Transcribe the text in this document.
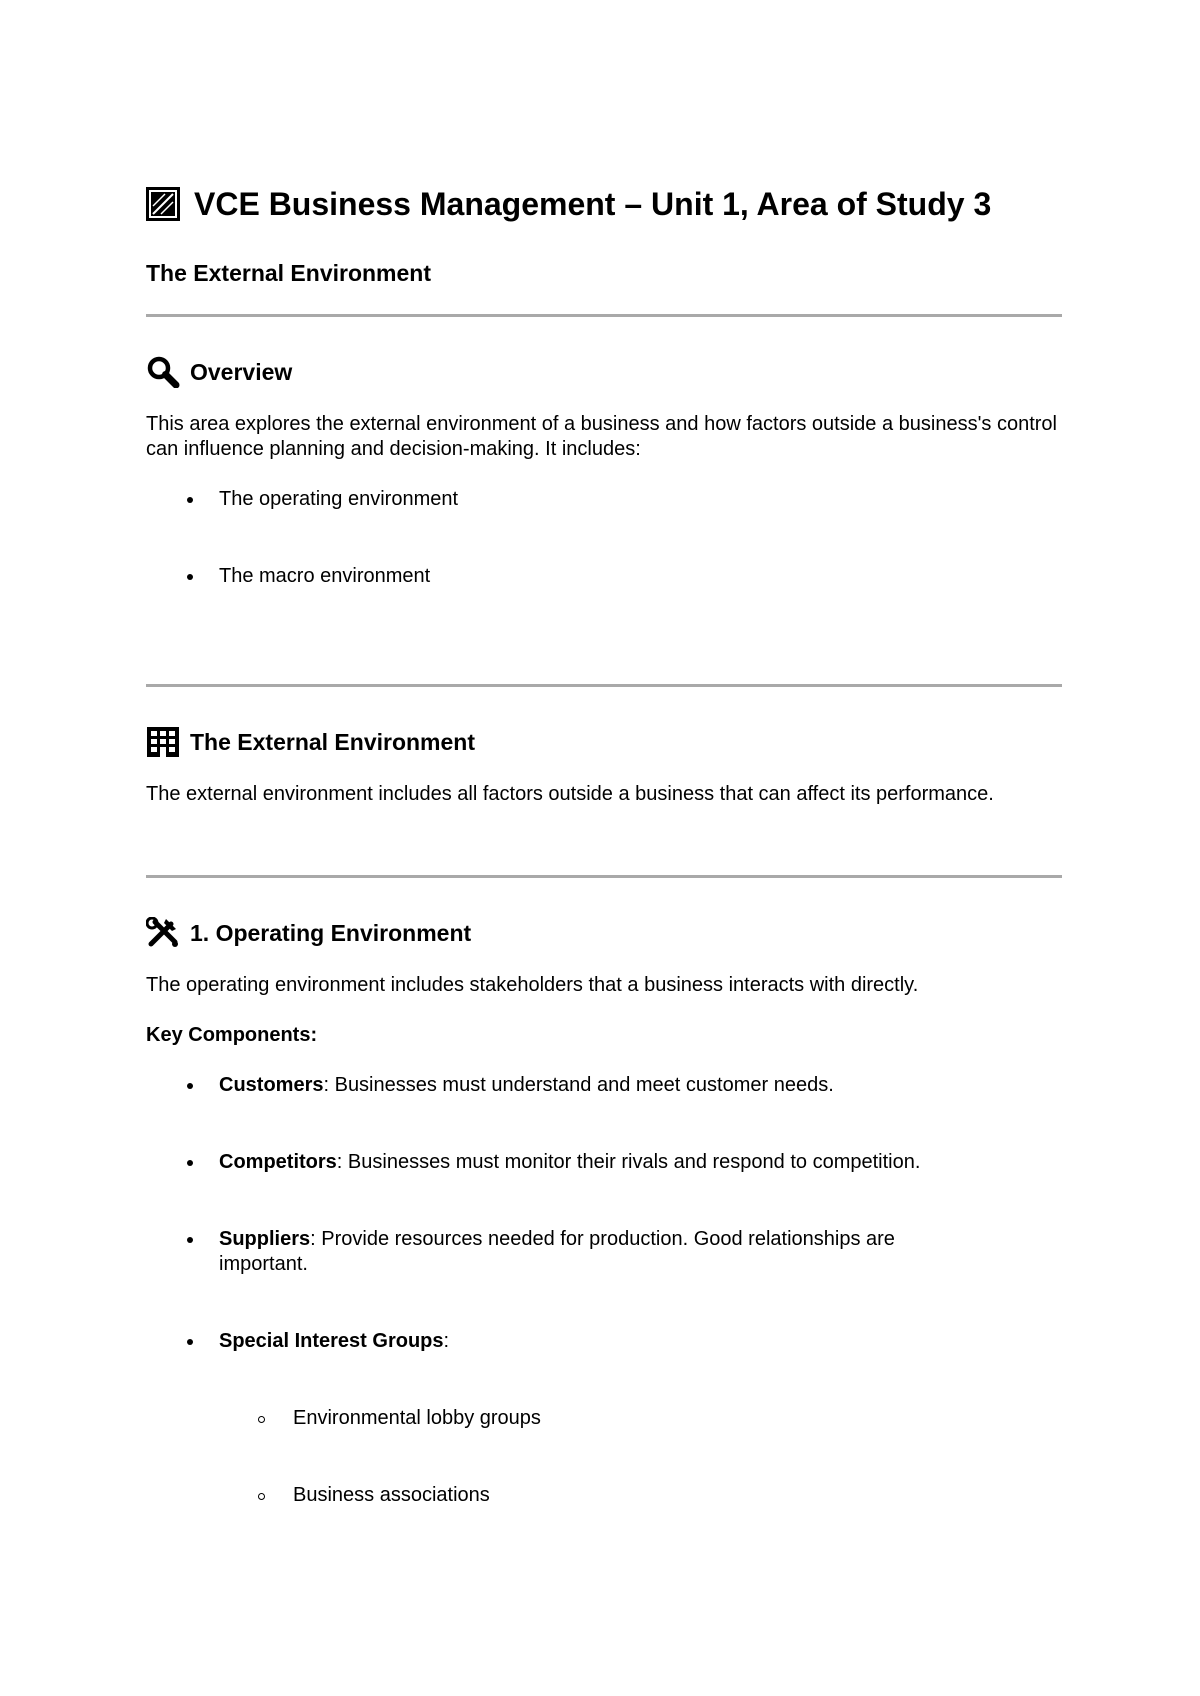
VCE Business Management – Unit 1, Area of Study 3
The External Environment
Overview

This area explores the external environment of a business and how factors outside a business's control can influence planning and decision-making. It includes:

The operating environment
The macro environment
The External Environment

The external environment includes all factors outside a business that can affect its performance.

1. Operating Environment

The operating environment includes stakeholders that a business interacts with directly.

Key Components:

Customers: Businesses must understand and meet customer needs.
Competitors: Businesses must monitor their rivals and respond to competition.
Suppliers: Provide resources needed for production. Good relationships are important.
Special Interest Groups:
Environmental lobby groups
Business associations
